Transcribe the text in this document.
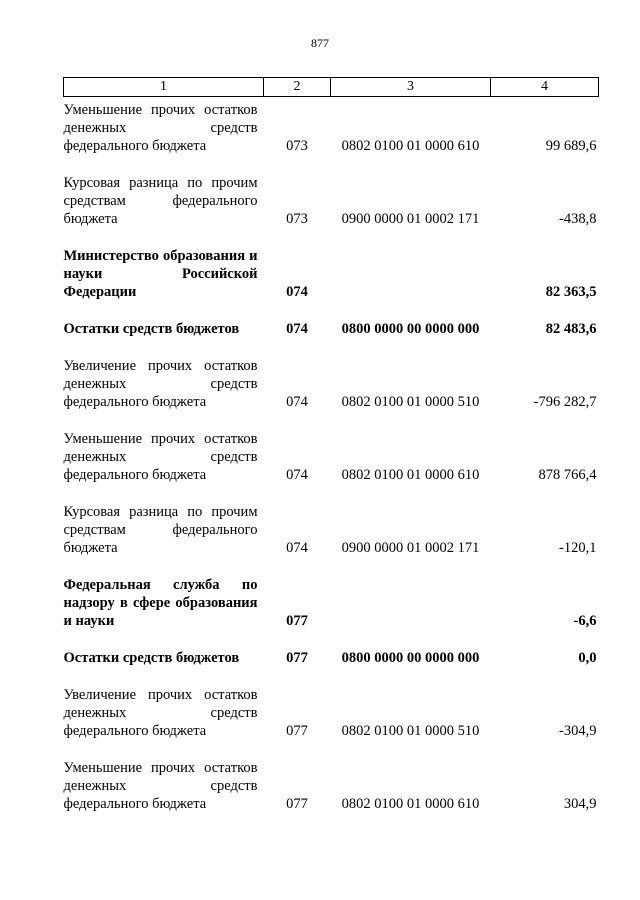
877
1	2	3	4
Уменьшение прочих остатков денежных средств федерального бюджета	073	0802 0100 01 0000 610	99 689,6

Курсовая разница по прочим средствам федерального бюджета	073	0900 0000 01 0002 171	-438,8

Министерство образования и науки Российской Федерации	074		82 363,5

Остатки средств бюджетов	074	0800 0000 00 0000 000	82 483,6

Увеличение прочих остатков денежных средств федерального бюджета	074	0802 0100 01 0000 510	-796 282,7

Уменьшение прочих остатков денежных средств федерального бюджета	074	0802 0100 01 0000 610	878 766,4

Курсовая разница по прочим средствам федерального бюджета	074	0900 0000 01 0002 171	-120,1

Федеральная служба по надзору в сфере образования и науки	077		-6,6

Остатки средств бюджетов	077	0800 0000 00 0000 000	0,0

Увеличение прочих остатков денежных средств федерального бюджета	077	0802 0100 01 0000 510	-304,9

Уменьшение прочих остатков денежных средств федерального бюджета	077	0802 0100 01 0000 610	304,9
